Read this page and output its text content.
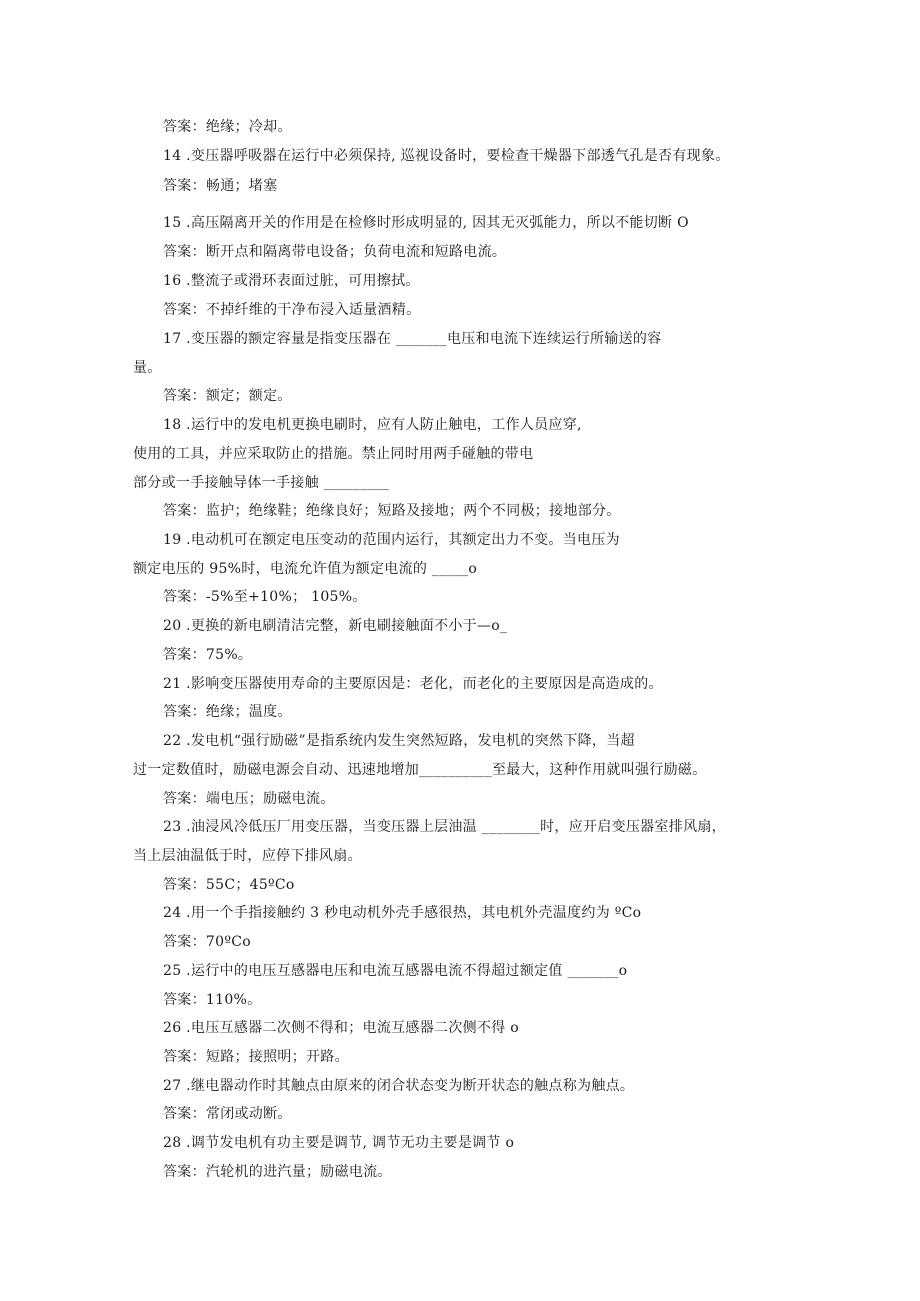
答案：绝缘；冷却。
14 .变压器呼吸器在运行中必须保持, 巡视设备时，要检查干燥器下部透气孔是否有现象。
答案：畅通；堵塞
15 .高压隔离开关的作用是在检修时形成明显的, 因其无灭弧能力，所以不能切断 O
答案：断开点和隔离带电设备；负荷电流和短路电流。
16 .整流子或滑环表面过脏，可用擦拭。
答案：不掉纤维的干净布浸入适量酒精。
17 .变压器的额定容量是指变压器在 _______电压和电流下连续运行所输送的容
量。
答案：额定；额定。
18 .运行中的发电机更换电刷时，应有人防止触电，工作人员应穿,
使用的工具，并应采取防止的措施。禁止同时用两手碰触的带电
部分或一手接触导体一手接触 _________
答案：监护；绝缘鞋；绝缘良好；短路及接地；两个不同极；接地部分。
19 .电动机可在额定电压变动的范围内运行，其额定出力不变。当电压为
额定电压的 95%时，电流允许值为额定电流的 _____o
答案：-5%至+10%； 105%。
20 .更换的新电刷清洁完整，新电刷接触面不小于—o_
答案：75%。
21 .影响变压器使用寿命的主要原因是：老化，而老化的主要原因是高造成的。
答案：绝缘；温度。
22 .发电机“强行励磁”是指系统内发生突然短路，发电机的突然下降，当超
过一定数值时，励磁电源会自动、迅速地增加__________至最大，这种作用就叫强行励磁。
答案：端电压；励磁电流。
23 .油浸风冷低压厂用变压器，当变压器上层油温 ________时，应开启变压器室排风扇，
当上层油温低于时，应停下排风扇。
答案：55C；45ºCo
24 .用一个手指接触约 3 秒电动机外壳手感很热，其电机外壳温度约为 ºCo
答案：70ºCo
25 .运行中的电压互感器电压和电流互感器电流不得超过额定值 _______o
答案：110%。
26 .电压互感器二次侧不得和；电流互感器二次侧不得 o
答案：短路；接照明；开路。
27 .继电器动作时其触点由原来的闭合状态变为断开状态的触点称为触点。
答案：常闭或动断。
28 .调节发电机有功主要是调节, 调节无功主要是调节 o
答案：汽轮机的进汽量；励磁电流。
